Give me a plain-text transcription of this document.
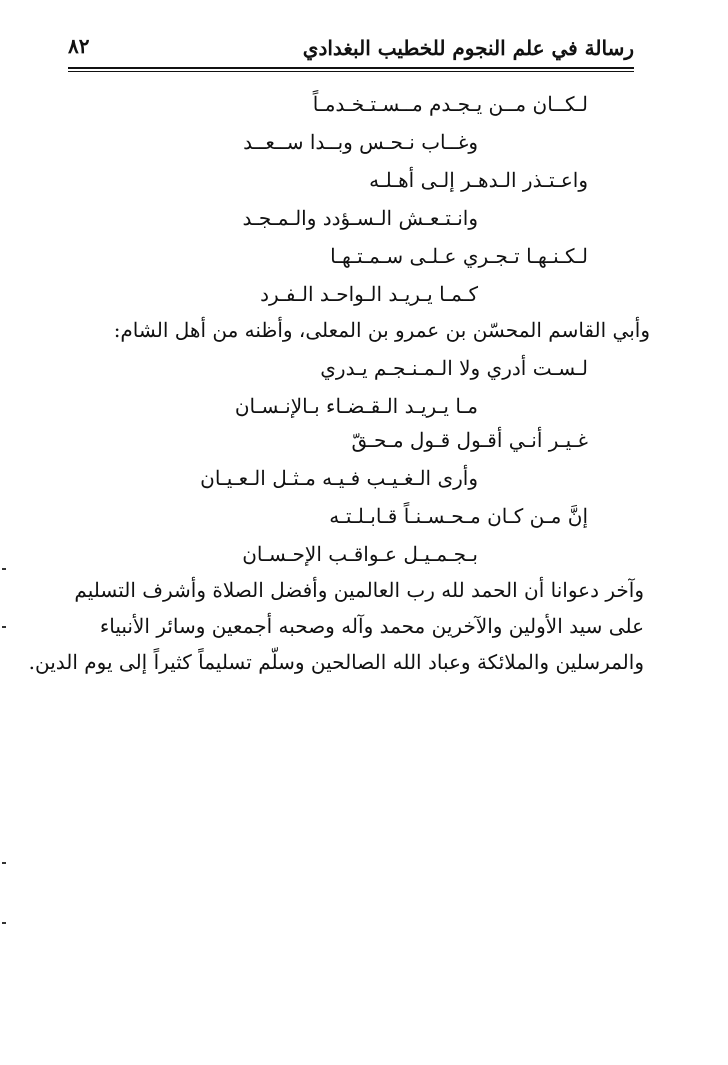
رسالة في علم النجوم للخطيب البغدادي
٨٢
لـكــان مــن يـجـدم مــسـتـخـدمـاً
وغــاب نـحـس وبــدا ســعــد
واعـتـذر الـدهـر إلـى أهـلـه
وانـتـعـش الـسـؤدد والـمـجـد
لـكـنـهـا تـجـري عـلـى سـمـتـهـا
كـمـا يـريـد الـواحـد الـفـرد
وأبي القاسم المحسّن بن عمرو بن المعلى، وأظنه من أهل الشام:
لـسـت أدري ولا الـمـنـجـم يـدري
مـا يـريـد الـقـضـاء بـالإنـسـان
غـيـر أنـي أقـول قـول مـحـقّ
وأرى الـغـيـب فـيـه مـثـل الـعـيـان
إنَّ مـن كـان مـحـسـنـاً قـابـلـتـه
بـجـمـيـل عـواقـب الإحـسـان
وآخر دعوانا أن الحمد لله رب العالمين وأفضل الصلاة وأشرف التسليم
على سيد الأولين والآخرين محمد وآله وصحبه أجمعين وسائر الأنبياء
والمرسلين والملائكة وعباد الله الصالحين وسلّم تسليماً كثيراً إلى يوم الدين.
